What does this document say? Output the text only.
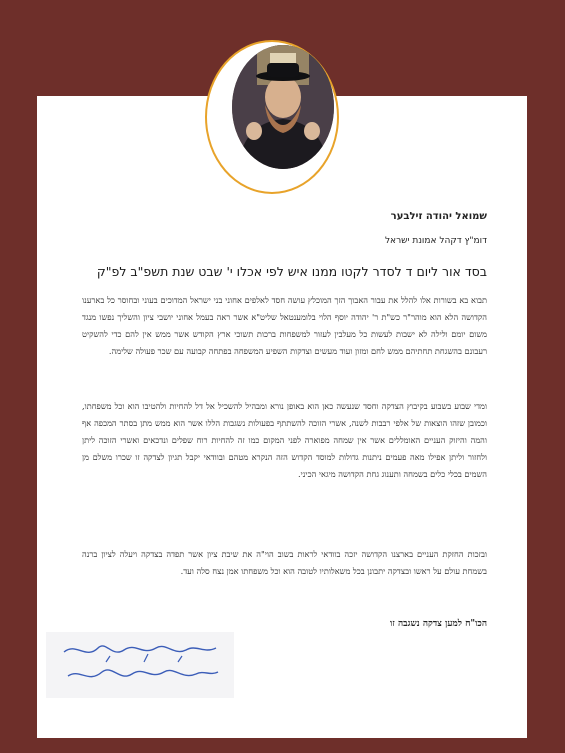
שמואל יהודה זילבער
דומ"ץ דקהל אמונת ישראל
בסד אור ליום ד לסדר לקטו ממנו איש לפי אכלו י' שבט שנת תשפ"ב לפ"ק

תבוא בא בשורות אלו להלל את עבור האבוך הזך המוכלץ עושה חסד לאלפים אחוני בני ישראל המדוכים בעוני ובחוסר כל בארענו הקדושה הלא הוא מוהר"ר כש"ת ר' יהודה יוסף הלוי בלומענטאל שליט"א אשר ראה בעמל אחוני יושבי ציון והשליך נפשו מנגד משום יומם ולילה לא ישבות לעשות כל מעלבין לעזור למשפחות ברכות תשוכי ארץ הקודש אשר ממש אין להם כדי להשקיט רעבונם בהשגחת תחתיהם ממש לחם ומזון ועוד מעשים וצדקות השפיע המשפחה בפתחה קבועה עם שכר פעולה שלימה.

ומדי שבוע בשבוע בקיבוץ הצדקה וחסד שנעשה כאן הוא באופן נורא ומבהיל להשכיל אל דל להחיות ולהטיבו הוא וכל משפחתו, וכמובן שזהו הוצאות של אלפי רבבות לשנה, אשרי הזוכה להשתתף בפעולות נשגבות הללו אשר הוא ממש מתן בסתר המכפה אף והמה והיזוק העניים האומללים אשר אין שמחה מפוארה לפני המקום כמו זה להחיות רוח שפלים ונדכאים ואשרי הזוכה ליתן ולחזור וליתן אפילו מאה פעמים ניתנות גדולות למוסד הקדוש הזה הנקרא מטהם ובוודאי יקבל תגיון לצדקה זו שכרו משלם מן השמים בכלי כלים בשמחה ותענוג גחת הקדושה מיגאי הכיני.

ובזכות החזקת העניים בארצנו הקדושה יזכה בוודאי לראות בשוב הוי"ה את שיבת ציון אשר תפדה בצדקה ויעלה לציון ברנה בשמחת עולם על ראשו ובצדקה יתבונן בכל משאלותיו לטובה הוא וכל משפחתו אמן נצח סלה ועד.

הכו"ח למען צדקה נשגבה זו
